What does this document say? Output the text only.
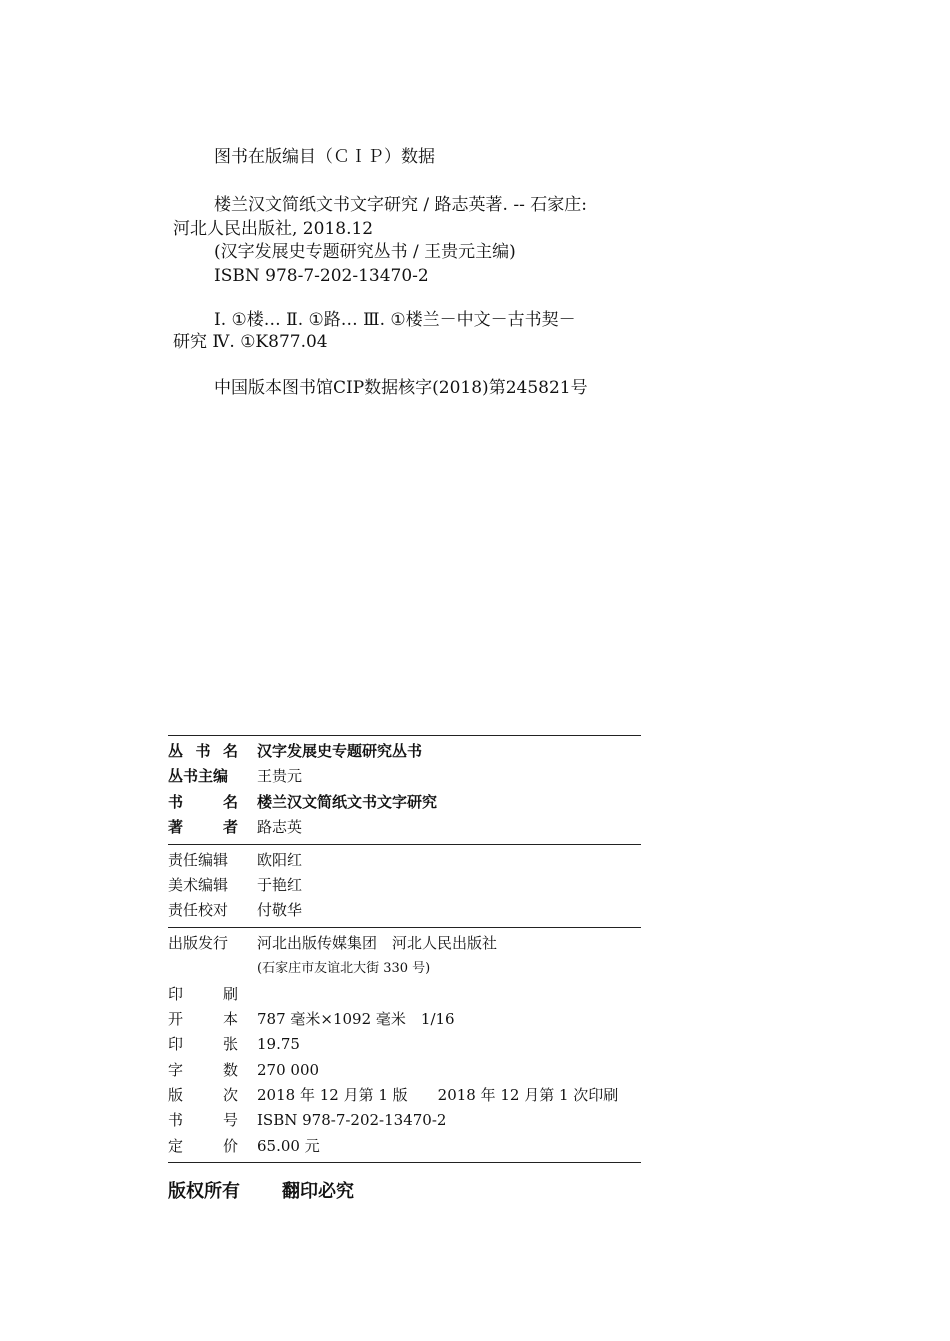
图书在版编目（ＣＩＰ）数据
楼兰汉文简纸文书文字研究 / 路志英著. -- 石家庄:
河北人民出版社, 2018.12
(汉字发展史专题研究丛书 / 王贵元主编)
ISBN 978-7-202-13470-2
Ⅰ. ①楼… Ⅱ. ①路… Ⅲ. ①楼兰－中文－古书契－
研究 Ⅳ. ①K877.04
中国版本图书馆CIP数据核字(2018)第245821号
丛 书 名 汉字发展史专题研究丛书
丛书主编	王贵元
书	名 楼兰汉文简纸文书文字研究
著	者 路志英
责任编辑	欧阳红
美术编辑	于艳红
责任校对	付敬华
出版发行	河北出版传媒集团　河北人民出版社
(石家庄市友谊北大街 330 号)
印	刷
开	本 787 毫米×1092 毫米　1/16
印	张 19.75
字	数 270 000
版	次 2018 年 12 月第 1 版　　2018 年 12 月第 1 次印刷
书	号 ISBN 978-7-202-13470-2
定	价 65.00 元
版权所有 翻印必究
